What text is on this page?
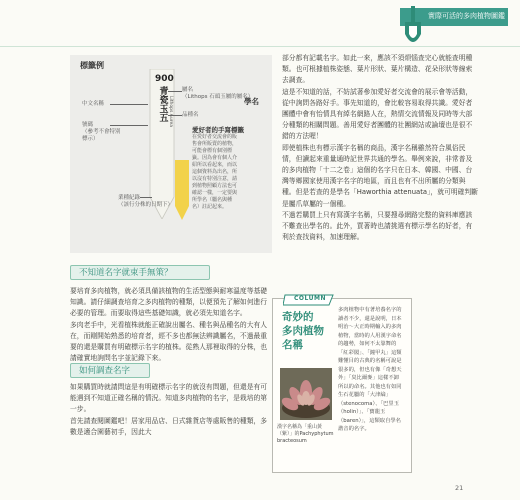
實際可活的多肉植物圖鑑
標籤例
900
青瓷玉五 Lithops Aurea
屬名
（Lithops 石頭玉屬的屬名）
學名
品種名
中文名稱
號碼
（參考不會特別標示）
業種紀錄
（該行分株的日期下）
愛好者的手寫標籤
在愛好者交流會的販售會所販賣的植物，可能會標有個別標籤。因為會有個人介紹所以看起來，而以這個資料為出名，所以沒有特別注意，請到植物照顧方法也可確認一樣，一定要與所學名（屬名與種名）註記起來。
不知道名字就束手無策？

要培育多肉植物，就必須具備該植物的生活型態與耐寒溫度等基礎知識。請仔細調查培育之多肉植物的種類，以便預先了解如何進行必要的管理。而要取得這些基礎知識，就必須先知道名字。

多肉老手中，光看植株就能正確說出屬名、種名與品種名的大有人在，而剛開始熟悉的培育者，經不多也都無法辨識屬名，不過最重要的還是購買有明確標示名字的植株。從熟人那裡取得的分株，也請確實地詢問名字並記錄下來。

如何調查名字

如果購買時就請問這是有明確標示名字的就沒有問題，但還是有可能遇到不知道正確名稱的情況。知道多肉植物的名字，是栽培的第一步。

首先請查閱圖鑑吧！居家用品店、日式雜貨店等處販售的種類，多數是適合園藝初手，因此大

部分都有記載名字。如此一來，應該不須煩惱查完心就能查明種類。也可根據植株姿態、葉片形狀、葉片構造、花朵形狀等線索去調查。

這是不知道的話，不妨試著參加愛好者交流會的展示會等活動，從中詢問各路好手。事先知道的，會比較容易取得共識。愛好者團體中會有怡情具有綽名網路人在，熱情交流情報及同時等大部分種類的相關問題。善用愛好者團體的社團網站或論壇也是很不錯的方法喔！

即使植株也有標示漢字名稱的商品，漢字名稱雖然符合風俗民情，但讀起來重量通時記世界共通的學名。舉例來說，非常普及的多肉植物「十二之卷」這個的名字只在日本、韓國、中國、台灣等鄉國家使用漢字名字的地區，而且也有不出所屬的分類與種。但是若查的是學名「Haworthia attenuata」，就可明確判斷是屬爪草屬的一個種。

不過若購買上只有寫漢字名稱，只要搜尋網路完整的資料庫應該不難查出學名的。此外，買著時也請挑選有標示學名的好者，有利於查找資料，加速理解。

COLUMN
奇妙的
多肉植物
名稱
漢字名稱為「重山黃（紫）」的Pachyphytum bracteosum
多肉植物中有著培養名字的讀者不少，還是說明，日本明治～大正時期輸入的多肉植物，當時的人用漢字命名的趨勢，如何不太靠舞的「紅彩閣」、「鐘甲丸」這類難懂目的古典的名稱可說是很多的，但也有像「奇想天外」「臭比爾麥」這樣不卸所以的命名。其他也有如同生石花屬的「大津綸」（stenocoma）、「巴里玉（holin）」、「寶龍玉（baren）」，這類取自學名諧音的名字。
21
